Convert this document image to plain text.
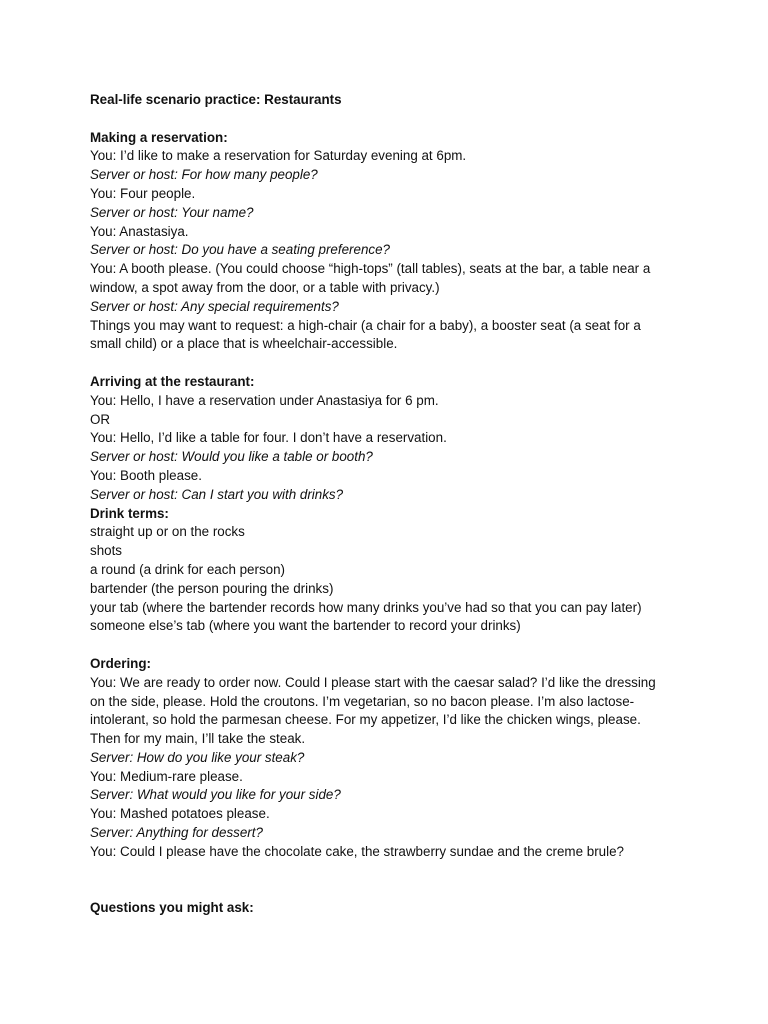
Real-life scenario practice: Restaurants
Making a reservation:
You: I’d like to make a reservation for Saturday evening at 6pm.
Server or host: For how many people?
You: Four people.
Server or host: Your name?
You: Anastasiya.
Server or host: Do you have a seating preference?
You: A booth please. (You could choose “high-tops” (tall tables), seats at the bar, a table near a
window, a spot away from the door, or a table with privacy.)
Server or host: Any special requirements?
Things you may want to request: a high-chair (a chair for a baby), a booster seat (a seat for a
small child) or a place that is wheelchair-accessible.
Arriving at the restaurant:
You: Hello, I have a reservation under Anastasiya for 6 pm.
OR
You: Hello, I’d like a table for four. I don’t have a reservation.
Server or host: Would you like a table or booth?
You: Booth please.
Server or host: Can I start you with drinks?
Drink terms:
straight up or on the rocks
shots
a round (a drink for each person)
bartender (the person pouring the drinks)
your tab (where the bartender records how many drinks you’ve had so that you can pay later)
someone else’s tab (where you want the bartender to record your drinks)
Ordering:
You: We are ready to order now. Could I please start with the caesar salad? I’d like the dressing
on the side, please. Hold the croutons. I’m vegetarian, so no bacon please. I’m also lactose-
intolerant, so hold the parmesan cheese. For my appetizer, I’d like the chicken wings, please.
Then for my main, I’ll take the steak.
Server: How do you like your steak?
You: Medium-rare please.
Server: What would you like for your side?
You: Mashed potatoes please.
Server: Anything for dessert?
You: Could I please have the chocolate cake, the strawberry sundae and the creme brule?
Questions you might ask:
